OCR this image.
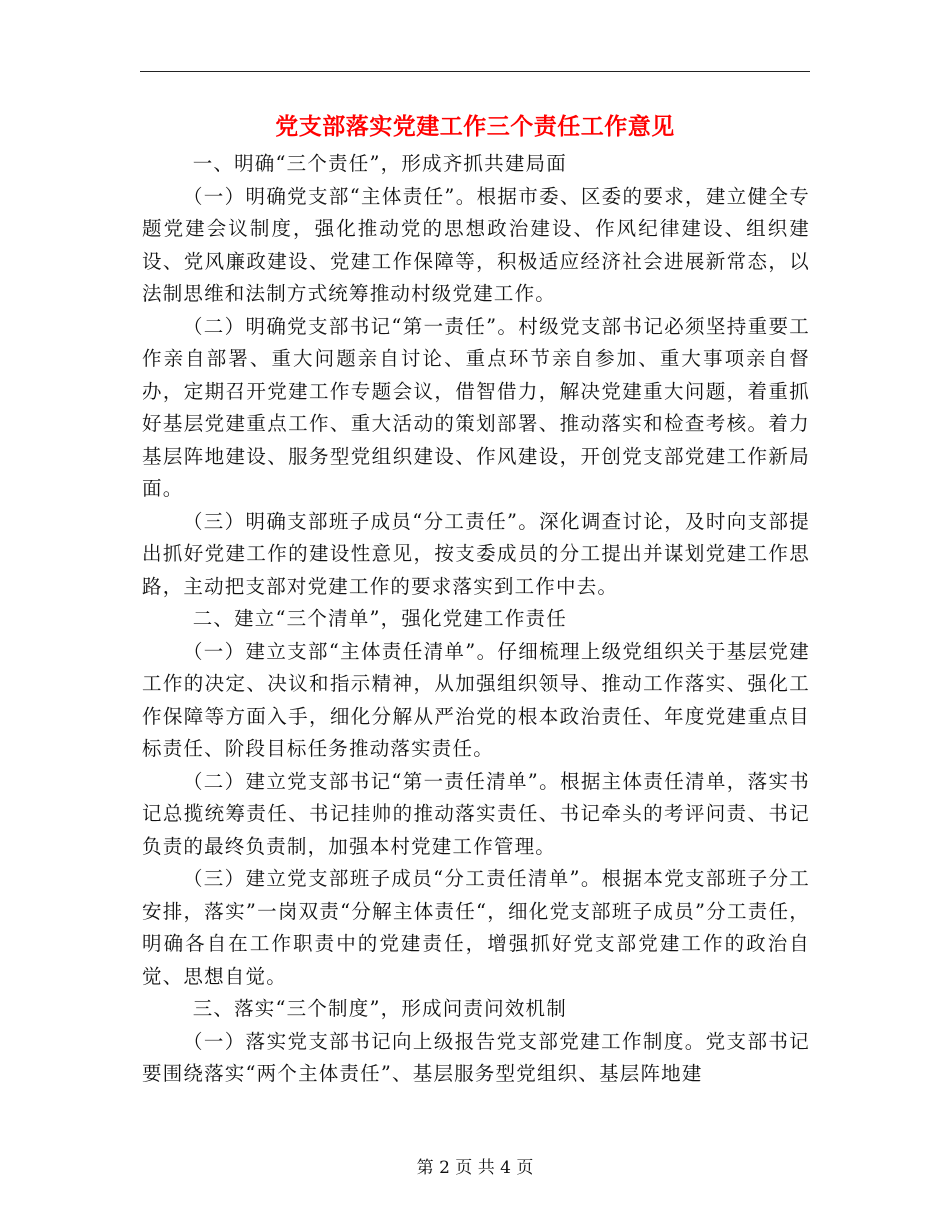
党支部落实党建工作三个责任工作意见

一、明确“三个责任”，形成齐抓共建局面

（一）明确党支部“主体责任”。根据市委、区委的要求，建立健全专题党建会议制度，强化推动党的思想政治建设、作风纪律建设、组织建设、党风廉政建设、党建工作保障等，积极适应经济社会进展新常态，以法制思维和法制方式统筹推动村级党建工作。

（二）明确党支部书记“第一责任”。村级党支部书记必须坚持重要工作亲自部署、重大问题亲自讨论、重点环节亲自参加、重大事项亲自督办，定期召开党建工作专题会议，借智借力，解决党建重大问题，着重抓好基层党建重点工作、重大活动的策划部署、推动落实和检查考核。着力基层阵地建设、服务型党组织建设、作风建设，开创党支部党建工作新局面。

（三）明确支部班子成员“分工责任”。深化调查讨论，及时向支部提出抓好党建工作的建设性意见，按支委成员的分工提出并谋划党建工作思路，主动把支部对党建工作的要求落实到工作中去。

二、建立“三个清单”，强化党建工作责任

（一）建立支部“主体责任清单”。仔细梳理上级党组织关于基层党建工作的决定、决议和指示精神，从加强组织领导、推动工作落实、强化工作保障等方面入手，细化分解从严治党的根本政治责任、年度党建重点目标责任、阶段目标任务推动落实责任。

（二）建立党支部书记“第一责任清单”。根据主体责任清单，落实书记总揽统筹责任、书记挂帅的推动落实责任、书记牵头的考评问责、书记负责的最终负责制，加强本村党建工作管理。

（三）建立党支部班子成员“分工责任清单”。根据本党支部班子分工安排，落实”一岗双责“分解主体责任“，细化党支部班子成员”分工责任，明确各自在工作职责中的党建责任，增强抓好党支部党建工作的政治自觉、思想自觉。

三、落实“三个制度”，形成问责问效机制

（一）落实党支部书记向上级报告党支部党建工作制度。党支部书记要围绕落实“两个主体责任”、基层服务型党组织、基层阵地建

第 2 页 共 4 页
